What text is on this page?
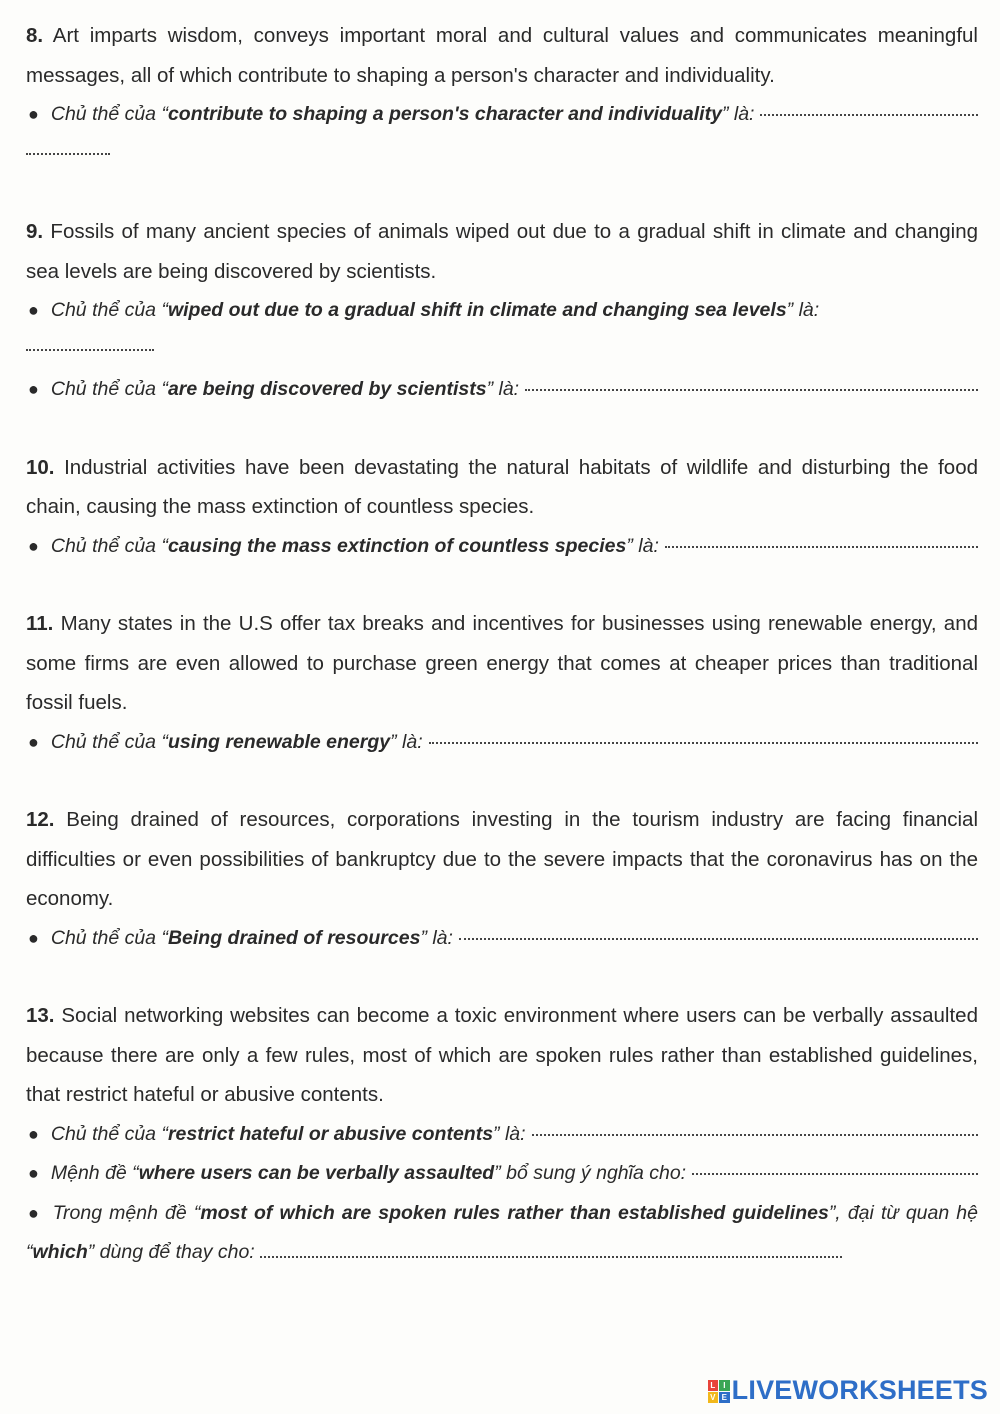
8. Art imparts wisdom, conveys important moral and cultural values and communicates meaningful messages, all of which contribute to shaping a person's character and individuality.

● Chủ thể của “ contribute to shaping a person's character and individuality ” là:

9. Fossils of many ancient species of animals wiped out due to a gradual shift in climate and changing sea levels are being discovered by scientists.

● Chủ thể của “ wiped out due to a gradual shift in climate and changing sea levels ” là:
● Chủ thể của “ are being discovered by scientists ” là:

10. Industrial activities have been devastating the natural habitats of wildlife and disturbing the food chain, causing the mass extinction of countless species.

● Chủ thể của “ causing the mass extinction of countless species ” là:

11. Many states in the U.S offer tax breaks and incentives for businesses using renewable energy, and some firms are even allowed to purchase green energy that comes at cheaper prices than traditional fossil fuels.

● Chủ thể của “ using renewable energy ” là:

12. Being drained of resources, corporations investing in the tourism industry are facing financial difficulties or even possibilities of bankruptcy due to the severe impacts that the coronavirus has on the economy.

● Chủ thể của “ Being drained of resources ” là:

13. Social networking websites can become a toxic environment where users can be verbally assaulted because there are only a few rules, most of which are spoken rules rather than established guidelines, that restrict hateful or abusive contents.

● Chủ thể của “ restrict hateful or abusive contents ” là:
● Mệnh đề “ where users can be verbally assaulted ” bổ sung ý nghĩa cho:
● Trong mệnh đề “most of which are spoken rules rather than established guidelines”, đại từ quan hệ “which” dùng để thay cho:
L I
V E LIVEWORKSHEETS
